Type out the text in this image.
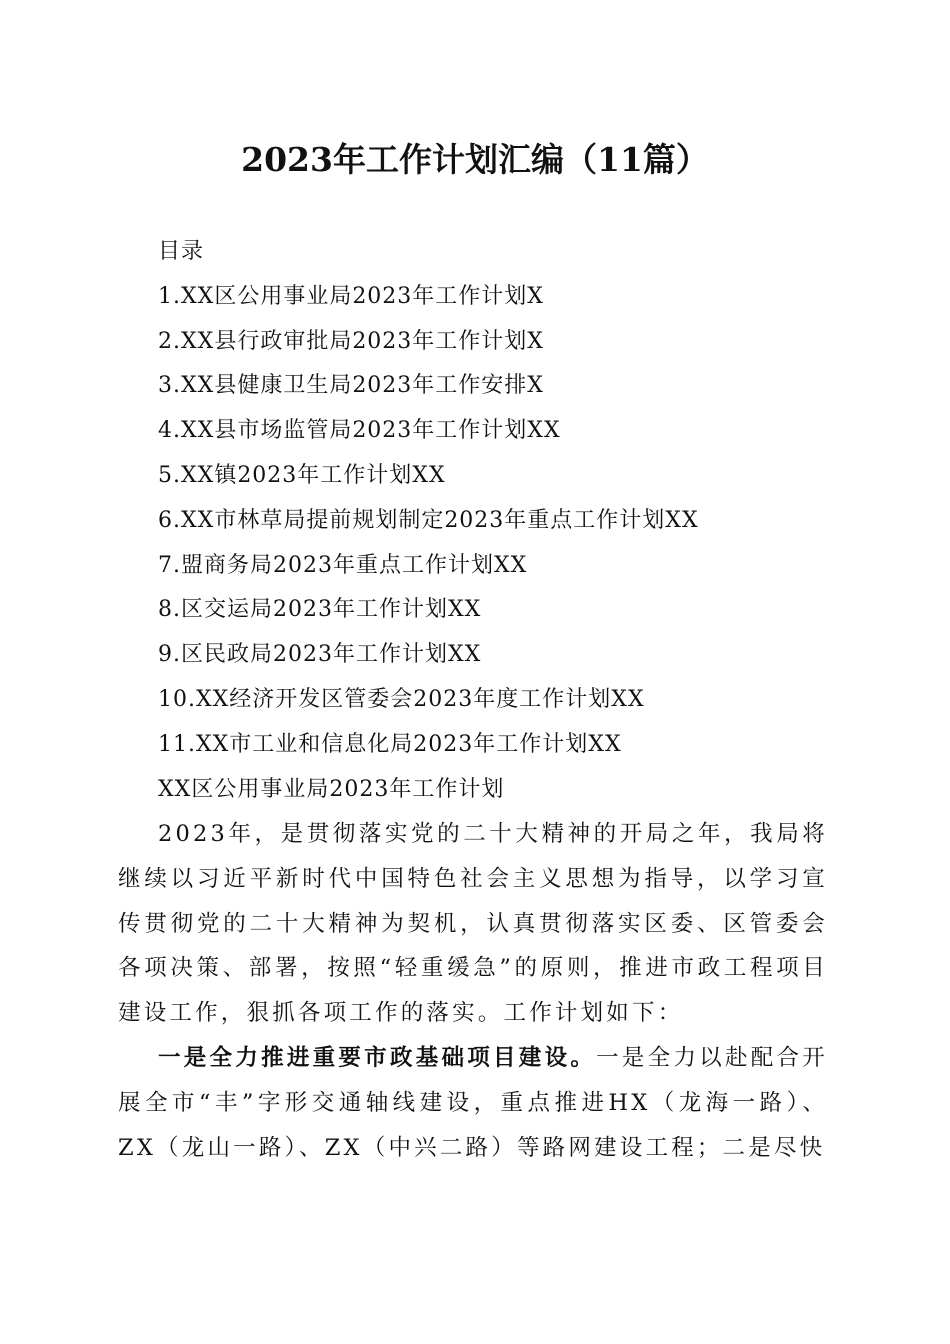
2023年工作计划汇编（11篇）
目录
1.XX区公用事业局2023年工作计划X
2.XX县行政审批局2023年工作计划X
3.XX县健康卫生局2023年工作安排X
4.XX县市场监管局2023年工作计划XX
5.XX镇2023年工作计划XX
6.XX市林草局提前规划制定2023年重点工作计划XX
7.盟商务局2023年重点工作计划XX
8.区交运局2023年工作计划XX
9.区民政局2023年工作计划XX
10.XX经济开发区管委会2023年度工作计划XX
11.XX市工业和信息化局2023年工作计划XX
XX区公用事业局2023年工作计划

2023年，是贯彻落实党的二十大精神的开局之年，我局将继续以习近平新时代中国特色社会主义思想为指导，以学习宣传贯彻党的二十大精神为契机，认真贯彻落实区委、区管委会各项决策、部署，按照“轻重缓急”的原则，推进市政工程项目建设工作，狠抓各项工作的落实。工作计划如下：

一是全力推进重要市政基础项目建设。一是全力以赴配合开展全市“丰”字形交通轴线建设，重点推进HX（龙海一路）、ZX（龙山一路）、ZX（中兴二路）等路网建设工程；二是尽快
